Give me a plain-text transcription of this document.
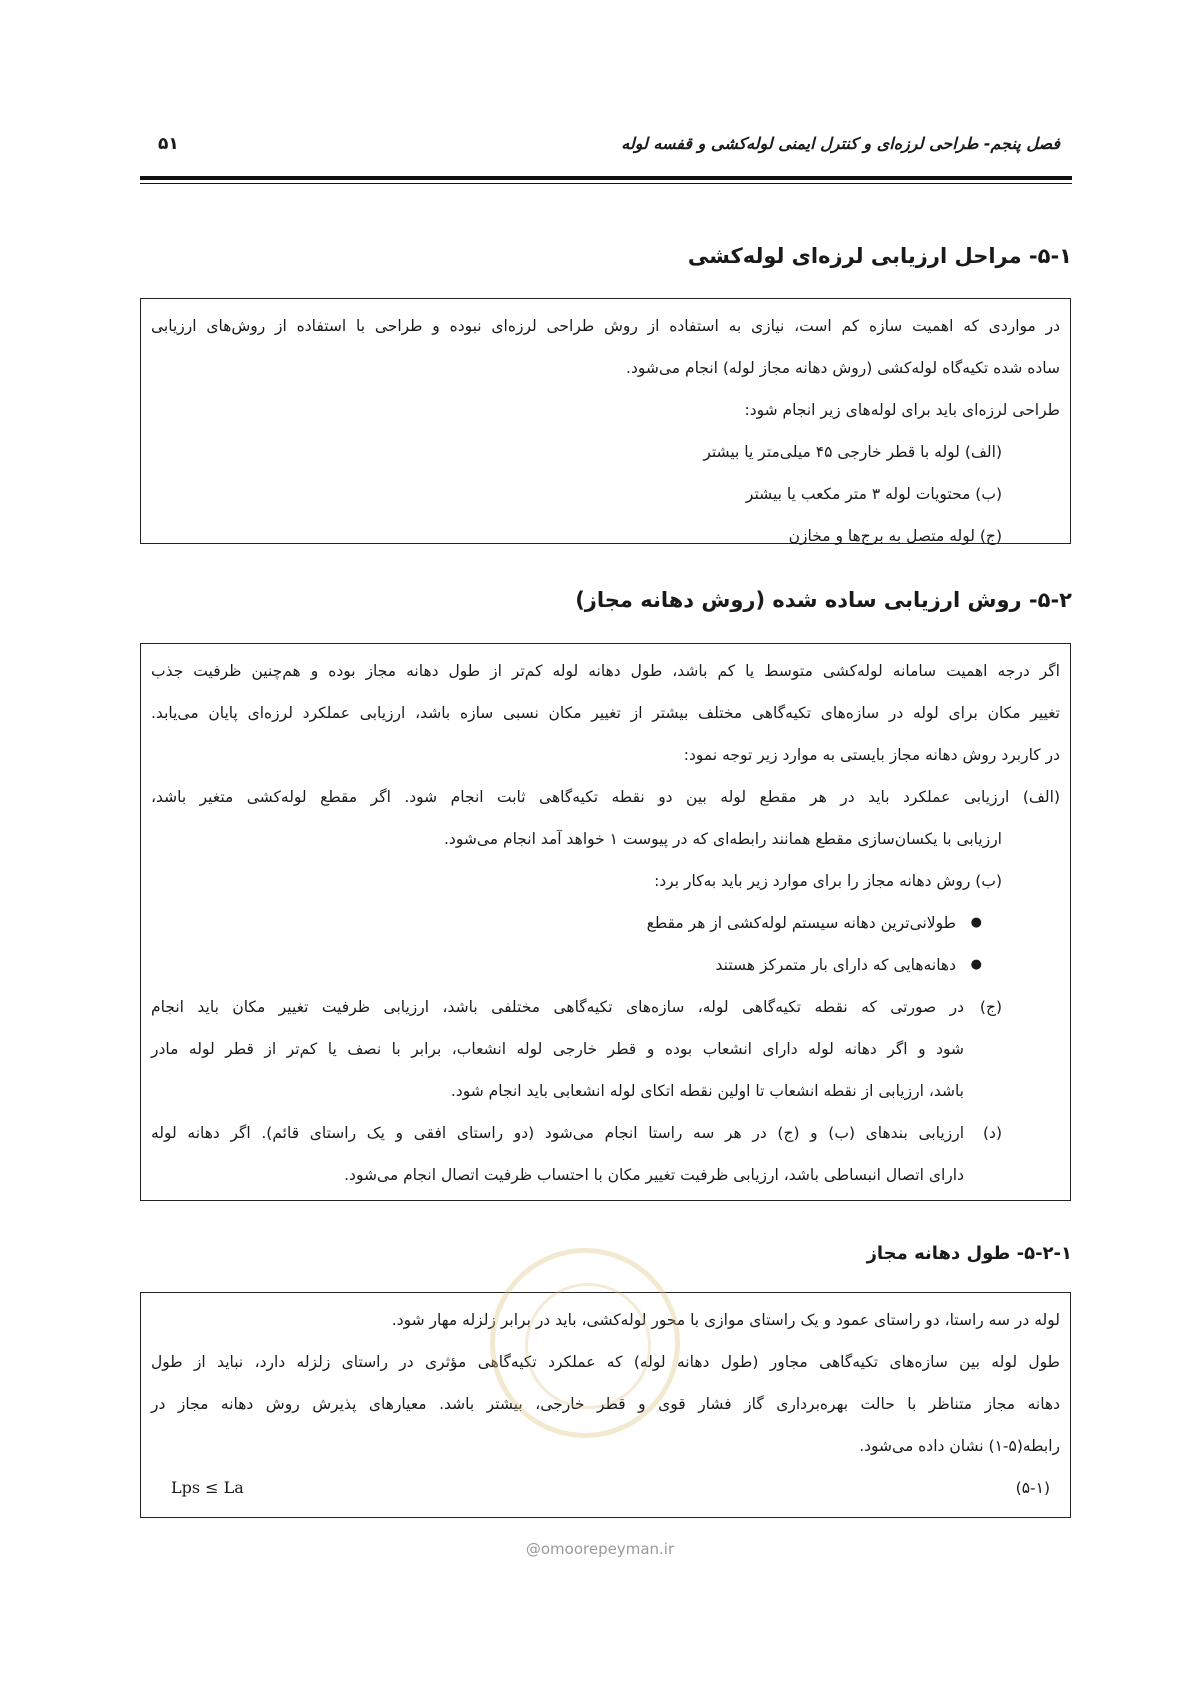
فصل پنجم- طراحی لرزه‌ای و کنترل ایمنی لوله‌کشی و قفسه لوله
۵۱
۵-۱- مراحل ارزیابی لرزه‌ای لوله‌کشی

در مواردی که اهمیت سازه کم است، نیازی به استفاده از روش طراحی لرزه‌ای نبوده و طراحی با استفاده از روش‌های ارزیابی

ساده شده تکیه‌گاه لوله‌کشی (روش دهانه مجاز لوله) انجام می‌شود.

طراحی لرزه‌ای باید برای لوله‌های زیر انجام شود:

(الف) لوله با قطر خارجی ۴۵ میلی‌متر یا بیشتر

(ب) محتویات لوله ۳ متر مکعب یا بیشتر

(ج) لوله متصل به برج‌ها و مخازن

۵-۲- روش ارزیابی ساده شده (روش دهانه مجاز)

اگر درجه اهمیت سامانه لوله‌کشی متوسط یا کم باشد، طول دهانه لوله کم‌تر از طول دهانه مجاز بوده و هم‌چنین ظرفیت جذب

تغییر مکان برای لوله در سازه‌های تکیه‌گاهی مختلف بیشتر از تغییر مکان نسبی سازه باشد، ارزیابی عملکرد لرزه‌ای پایان می‌یابد.

در کاربرد روش دهانه مجاز بایستی به موارد زیر توجه نمود:

(الف) ارزیابی عملکرد باید در هر مقطع لوله بین دو نقطه تکیه‌گاهی ثابت انجام شود. اگر مقطع لوله‌کشی متغیر باشد،

ارزیابی با یکسان‌سازی مقطع همانند رابطه‌ای که در پیوست ۱ خواهد آمد انجام می‌شود.

(ب) روش دهانه مجاز را برای موارد زیر باید به‌کار برد:

●

طولانی‌ترین دهانه سیستم لوله‌کشی از هر مقطع

●

دهانه‌هایی که دارای بار متمرکز هستند

(ج)

در صورتی که نقطه تکیه‌گاهی لوله، سازه‌های تکیه‌گاهی مختلفی باشد، ارزیابی ظرفیت تغییر مکان باید انجام

شود و اگر دهانه لوله دارای انشعاب بوده و قطر خارجی لوله انشعاب، برابر با نصف یا کم‌تر از قطر لوله مادر

باشد، ارزیابی از نقطه انشعاب تا اولین نقطه اتکای لوله انشعابی باید انجام شود.

(د)

ارزیابی بندهای (ب) و (ج) در هر سه راستا انجام می‌شود (دو راستای افقی و یک راستای قائم). اگر دهانه لوله

دارای اتصال انبساطی باشد، ارزیابی ظرفیت تغییر مکان با احتساب ظرفیت اتصال انجام می‌شود.

۵-۲-۱- طول دهانه مجاز

لوله در سه راستا، دو راستای عمود و یک راستای موازی با محور لوله‌کشی، باید در برابر زلزله مهار شود.

طول لوله بین سازه‌های تکیه‌گاهی مجاور (طول دهانه لوله) که عملکرد تکیه‌گاهی مؤثری در راستای زلزله دارد، نباید از طول

دهانه مجاز متناظر با حالت بهره‌برداری گاز فشار قوی و قطر خارجی، بیشتر باشد. معیارهای پذیرش روش دهانه مجاز در

رابطه(۵-۱) نشان داده می‌شود.

(۵-۱)
Lps ≤ La
@omoorepeyman.ir
